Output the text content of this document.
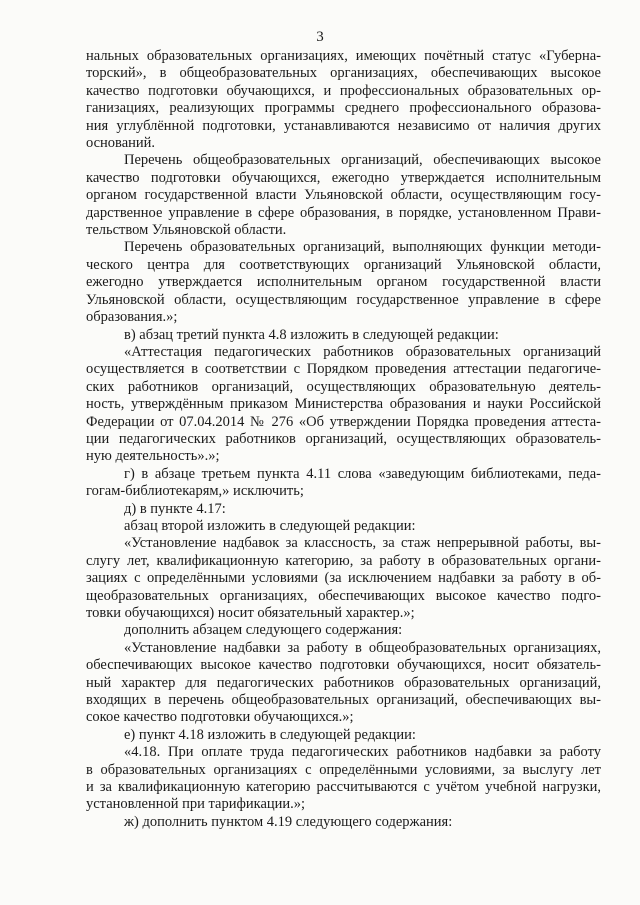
3
нальных образовательных организациях, имеющих почётный статус «Губерна-
торский», в общеобразовательных организациях, обеспечивающих высокое
качество подготовки обучающихся, и профессиональных образовательных ор-
ганизациях, реализующих программы среднего профессионального образова-
ния углублённой подготовки, устанавливаются независимо от наличия других
оснований.
Перечень общеобразовательных организаций, обеспечивающих высокое
качество подготовки обучающихся, ежегодно утверждается исполнительным
органом государственной власти Ульяновской области, осуществляющим госу-
дарственное управление в сфере образования, в порядке, установленном Прави-
тельством Ульяновской области.
Перечень образовательных организаций, выполняющих функции методи-
ческого центра для соответствующих организаций Ульяновской области,
ежегодно утверждается исполнительным органом государственной власти
Ульяновской области, осуществляющим государственное управление в сфере
образования.»;
в) абзац третий пункта 4.8 изложить в следующей редакции:
«Аттестация педагогических работников образовательных организаций
осуществляется в соответствии с Порядком проведения аттестации педагогиче-
ских работников организаций, осуществляющих образовательную деятель-
ность, утверждённым приказом Министерства образования и науки Российской
Федерации от 07.04.2014 № 276 «Об утверждении Порядка проведения аттеста-
ции педагогических работников организаций, осуществляющих образователь-
ную деятельность».»;
г) в абзаце третьем пункта 4.11 слова «заведующим библиотеками, педа-
гогам-библиотекарям,» исключить;
д) в пункте 4.17:
абзац второй изложить в следующей редакции:
«Установление надбавок за классность, за стаж непрерывной работы, вы-
слугу лет, квалификационную категорию, за работу в образовательных органи-
зациях с определёнными условиями (за исключением надбавки за работу в об-
щеобразовательных организациях, обеспечивающих высокое качество подго-
товки обучающихся) носит обязательный характер.»;
дополнить абзацем следующего содержания:
«Установление надбавки за работу в общеобразовательных организациях,
обеспечивающих высокое качество подготовки обучающихся, носит обязатель-
ный характер для педагогических работников образовательных организаций,
входящих в перечень общеобразовательных организаций, обеспечивающих вы-
сокое качество подготовки обучающихся.»;
е) пункт 4.18 изложить в следующей редакции:
«4.18. При оплате труда педагогических работников надбавки за работу
в образовательных организациях с определёнными условиями, за выслугу лет
и за квалификационную категорию рассчитываются с учётом учебной нагрузки,
установленной при тарификации.»;
ж) дополнить пунктом 4.19 следующего содержания:
